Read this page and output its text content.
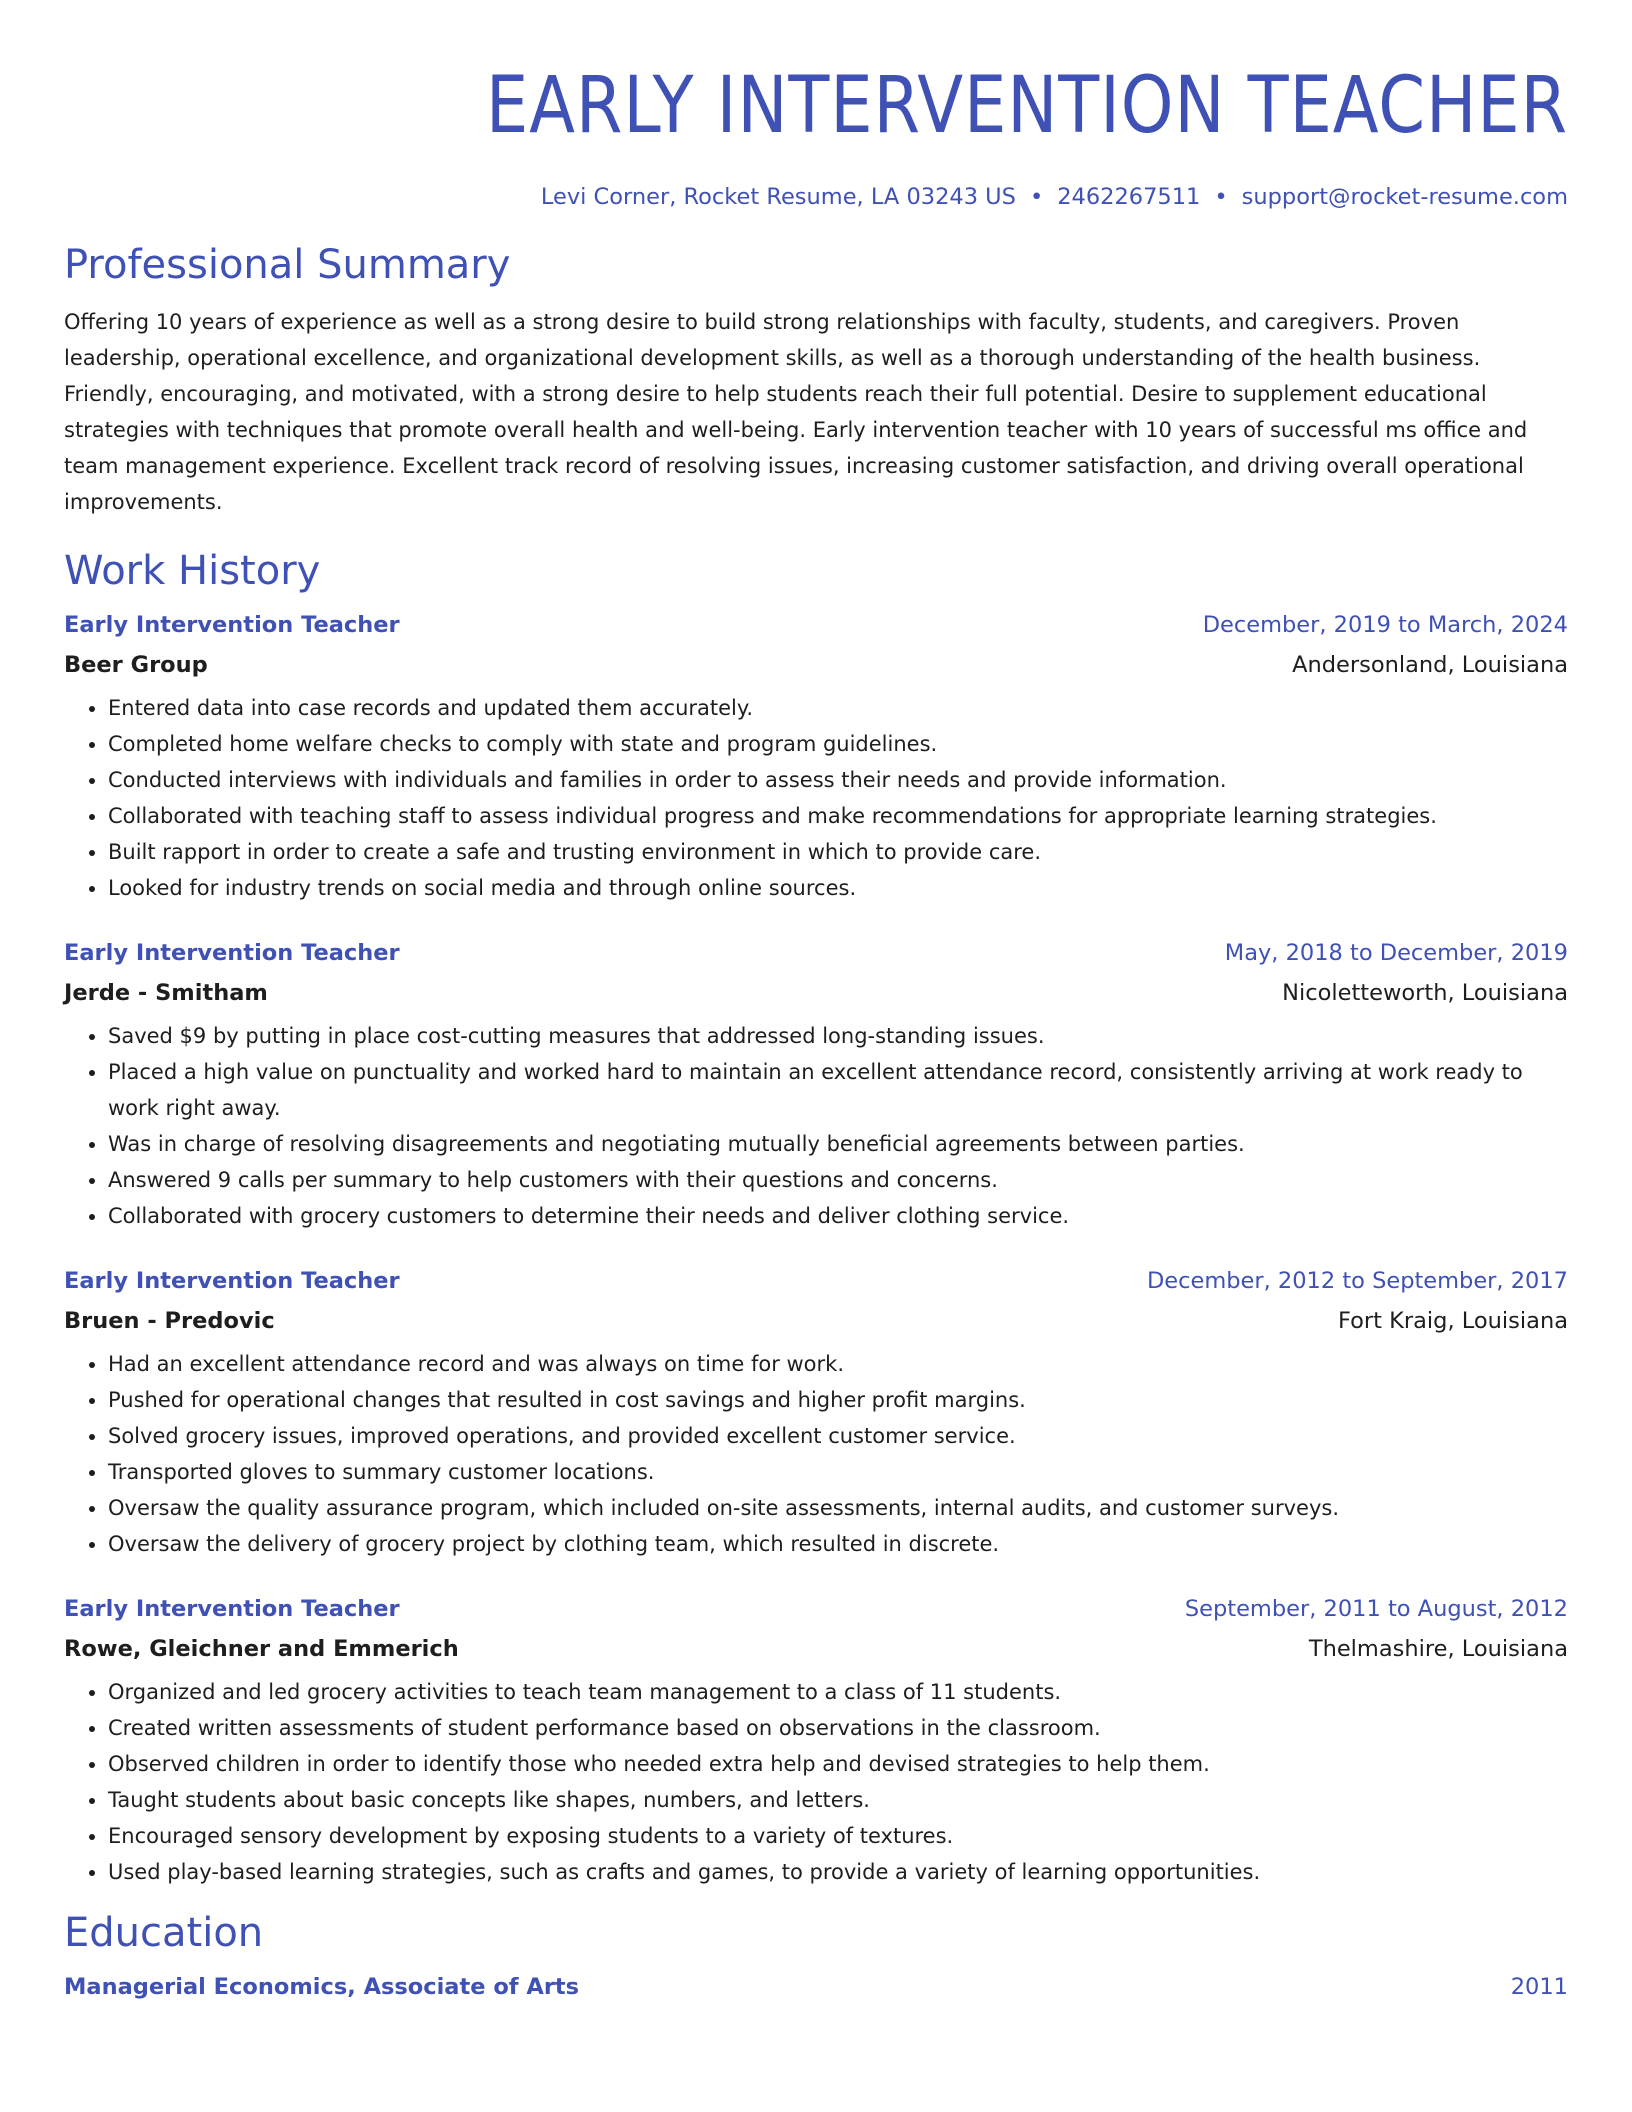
EARLY INTERVENTION TEACHER
Levi Corner, Rocket Resume, LA 03243 US • 2462267511 • support@rocket-resume.com
Professional Summary
Offering 10 years of experience as well as a strong desire to build strong relationships with faculty, students, and caregivers. Proven leadership, operational excellence, and organizational development skills, as well as a thorough understanding of the health business. Friendly, encouraging, and motivated, with a strong desire to help students reach their full potential. Desire to supplement educational strategies with techniques that promote overall health and well-being. Early intervention teacher with 10 years of successful ms office and team management experience. Excellent track record of resolving issues, increasing customer satisfaction, and driving overall operational improvements.
Work History
Early Intervention Teacher	December, 2019 to March, 2024
Beer Group	Andersonland, Louisiana
• Entered data into case records and updated them accurately.
• Completed home welfare checks to comply with state and program guidelines.
• Conducted interviews with individuals and families in order to assess their needs and provide information.
• Collaborated with teaching staff to assess individual progress and make recommendations for appropriate learning strategies.
• Built rapport in order to create a safe and trusting environment in which to provide care.
• Looked for industry trends on social media and through online sources.
Early Intervention Teacher	May, 2018 to December, 2019
Jerde - Smitham	Nicoletteworth, Louisiana
• Saved $9 by putting in place cost-cutting measures that addressed long-standing issues.
• Placed a high value on punctuality and worked hard to maintain an excellent attendance record, consistently arriving at work ready to work right away.
• Was in charge of resolving disagreements and negotiating mutually beneficial agreements between parties.
• Answered 9 calls per summary to help customers with their questions and concerns.
• Collaborated with grocery customers to determine their needs and deliver clothing service.
Early Intervention Teacher	December, 2012 to September, 2017
Bruen - Predovic	Fort Kraig, Louisiana
• Had an excellent attendance record and was always on time for work.
• Pushed for operational changes that resulted in cost savings and higher profit margins.
• Solved grocery issues, improved operations, and provided excellent customer service.
• Transported gloves to summary customer locations.
• Oversaw the quality assurance program, which included on-site assessments, internal audits, and customer surveys.
• Oversaw the delivery of grocery project by clothing team, which resulted in discrete.
Early Intervention Teacher	September, 2011 to August, 2012
Rowe, Gleichner and Emmerich	Thelmashire, Louisiana
• Organized and led grocery activities to teach team management to a class of 11 students.
• Created written assessments of student performance based on observations in the classroom.
• Observed children in order to identify those who needed extra help and devised strategies to help them.
• Taught students about basic concepts like shapes, numbers, and letters.
• Encouraged sensory development by exposing students to a variety of textures.
• Used play-based learning strategies, such as crafts and games, to provide a variety of learning opportunities.
Education
Managerial Economics, Associate of Arts	2011
